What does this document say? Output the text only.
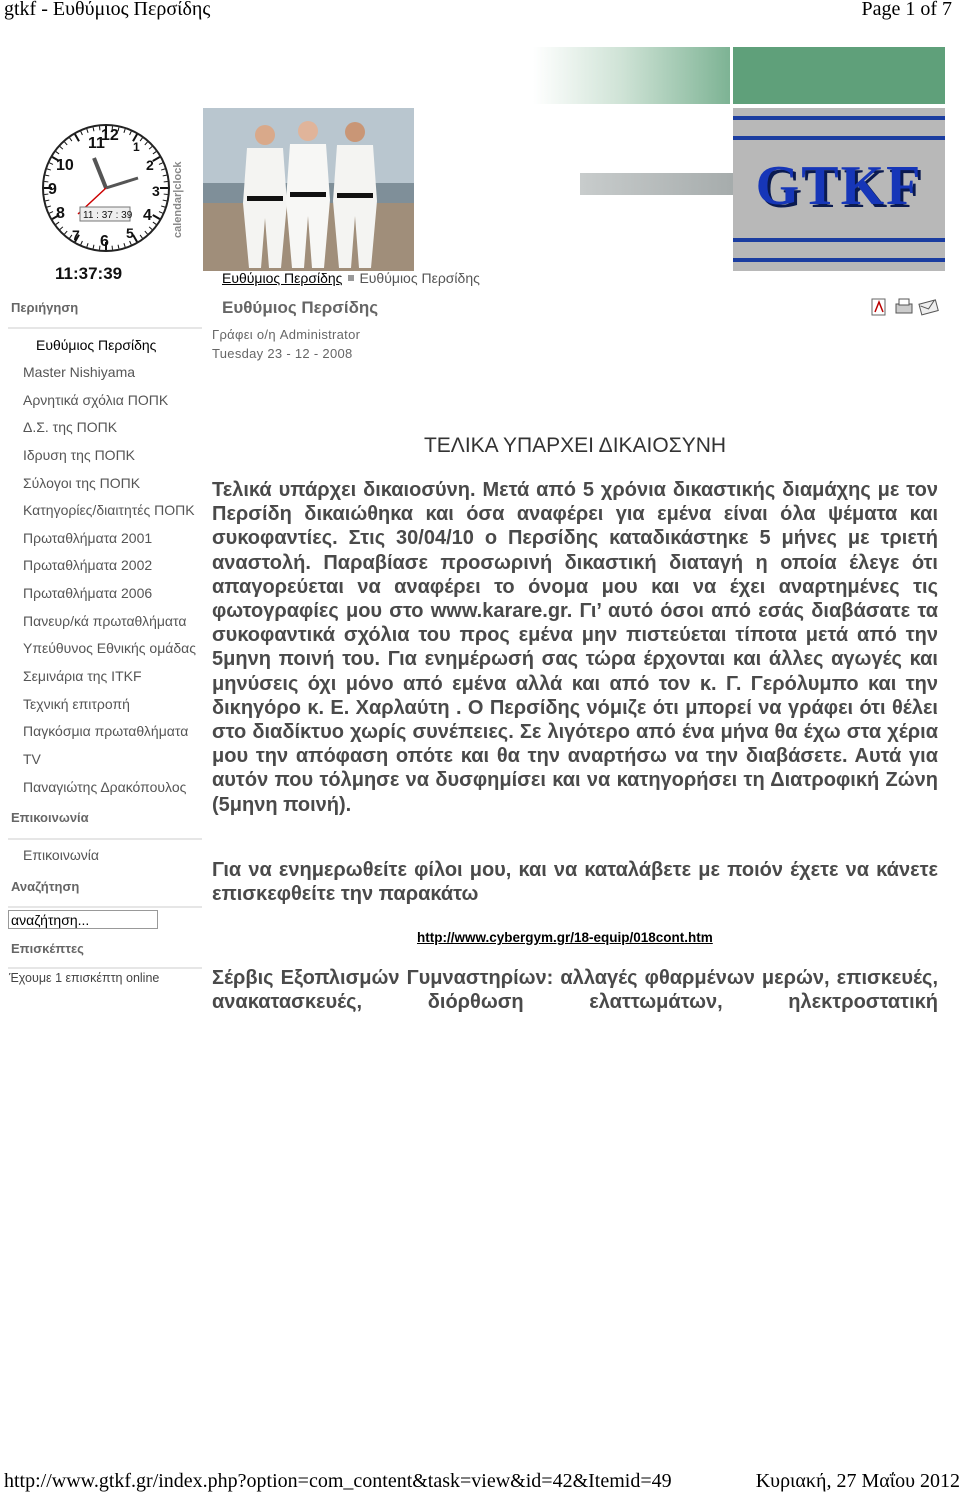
gtkf - Ευθύμιος Περσίδης	Page 1 of 7
11
12
1
2
3
4
5
6
7
8
9
10
11 : 37 : 39	calendar|clock
11:37:39
GTKF
Ευθύμιος Περσίδης Ευθύμιος Περσίδης
Περιήγηση
Ευθύμιος Περσίδης
Master Nishiyama
Αρνητικά σχόλια ΠΟΠΚ
Δ.Σ. της ΠΟΠΚ
Ιδρυση της ΠΟΠΚ
Σύλογοι της ΠΟΠΚ
Κατηγορίες/διαιτητές ΠΟΠΚ
Πρωταθλήματα 2001
Πρωταθλήματα 2002
Πρωταθλήματα 2006
Πανευρ/κά πρωταθλήματα
Υπεύθυνος Εθνικής ομάδας
Σεμινάρια της ITKF
Τεχνική επιτροπή
Παγκόσμια πρωταθλήματα
TV
Παναγιώτης Δρακόπουλος
Επικοινωνία
Επικοινωνία
Αναζήτηση
αναζήτηση...
Επισκέπτες
Έχουμε 1 επισκέπτη online
Ευθύμιος Περσίδης
Γράφει ο/η Administrator
Tuesday 23 - 12 - 2008
ΤΕΛΙΚΑ ΥΠΑΡΧΕΙ ΔΙΚΑΙΟΣΥΝΗ
Τελικά υπάρχει δικαιοσύνη. Μετά από 5 χρόνια δικαστικής διαμάχης με τον Περσίδη δικαιώθηκα και όσα αναφέρει για εμένα είναι όλα ψέματα και συκοφαντίες. Στις 30/04/10 ο Περσίδης καταδικάστηκε 5 μήνες με τριετή αναστολή. Παραβίασε προσωρινή δικαστική διαταγή η οποία έλεγε ότι απαγορεύεται να αναφέρει το όνομα μου και να έχει αναρτημένες τις φωτογραφίες μου στο www.karare.gr. Γι’ αυτό όσοι από εσάς διαβάσατε τα συκοφαντικά σχόλια του προς εμένα μην πιστεύεται τίποτα μετά από την 5μηνη ποινή του. Για ενημέρωσή σας τώρα έρχονται και άλλες αγωγές και μηνύσεις όχι μόνο από εμένα αλλά και από τον κ. Γ. Γερόλυμπο και την δικηγόρο κ. Ε. Χαρλαύτη . Ο Περσίδης νόμιζε ότι μπορεί να γράφει ότι θέλει στο διαδίκτυο χωρίς συνέπειες. Σε λιγότερο από ένα μήνα θα έχω στα χέρια μου την απόφαση οπότε και θα την αναρτήσω να την διαβάσετε. Αυτά για αυτόν που τόλμησε να δυσφημίσει και να κατηγορήσει τη Διατροφική Ζώνη (5μηνη ποινή).
Για να ενημερωθείτε φίλοι μου, και να καταλάβετε με ποιόν έχετε να κάνετε επισκεφθείτε την παρακάτω
http://www.cybergym.gr/18-equip/018cont.htm
Σέρβις Εξοπλισμών Γυμναστηρίων: αλλαγές φθαρμένων μερών, επισκευές, ανακατασκευές, διόρθωση ελαττωμάτων, ηλεκτροστατική
http://www.gtkf.gr/index.php?option=com_content&task=view&id=42&Itemid=49	Κυριακή, 27 Μαΐου 2012
